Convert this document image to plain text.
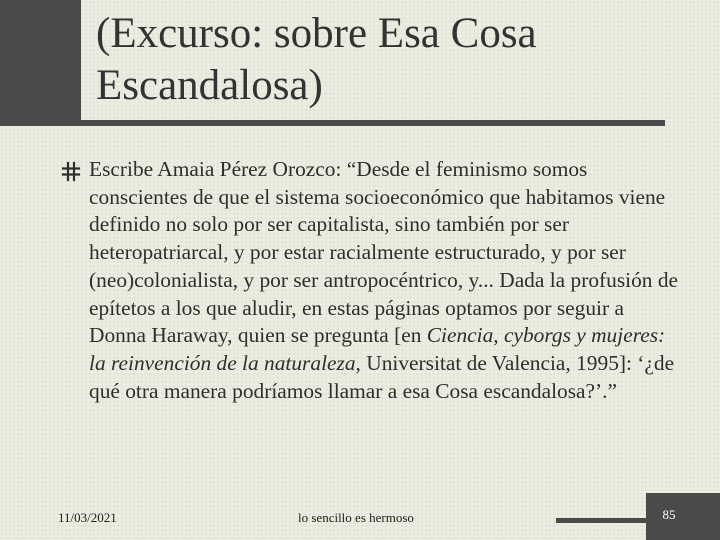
(Excurso: sobre Esa Cosa
Escandalosa)
Escribe Amaia Pérez Orozco: “Desde el feminismo somos conscientes de que el sistema socioeconómico que habitamos viene definido no solo por ser capitalista, sino también por ser heteropatriarcal, y por estar racialmente estructurado, y por ser (neo)colonialista, y por ser antropocéntrico, y... Dada la profusión de epítetos a los que aludir, en estas páginas optamos por seguir a Donna Haraway, quien se pregunta [en Ciencia, cyborgs y mujeres: la reinvención de la naturaleza, Universitat de Valencia, 1995]: ‘¿de qué otra manera podríamos llamar a esa Cosa escandalosa?’.”
11/03/2021	lo sencillo es hermoso	85
